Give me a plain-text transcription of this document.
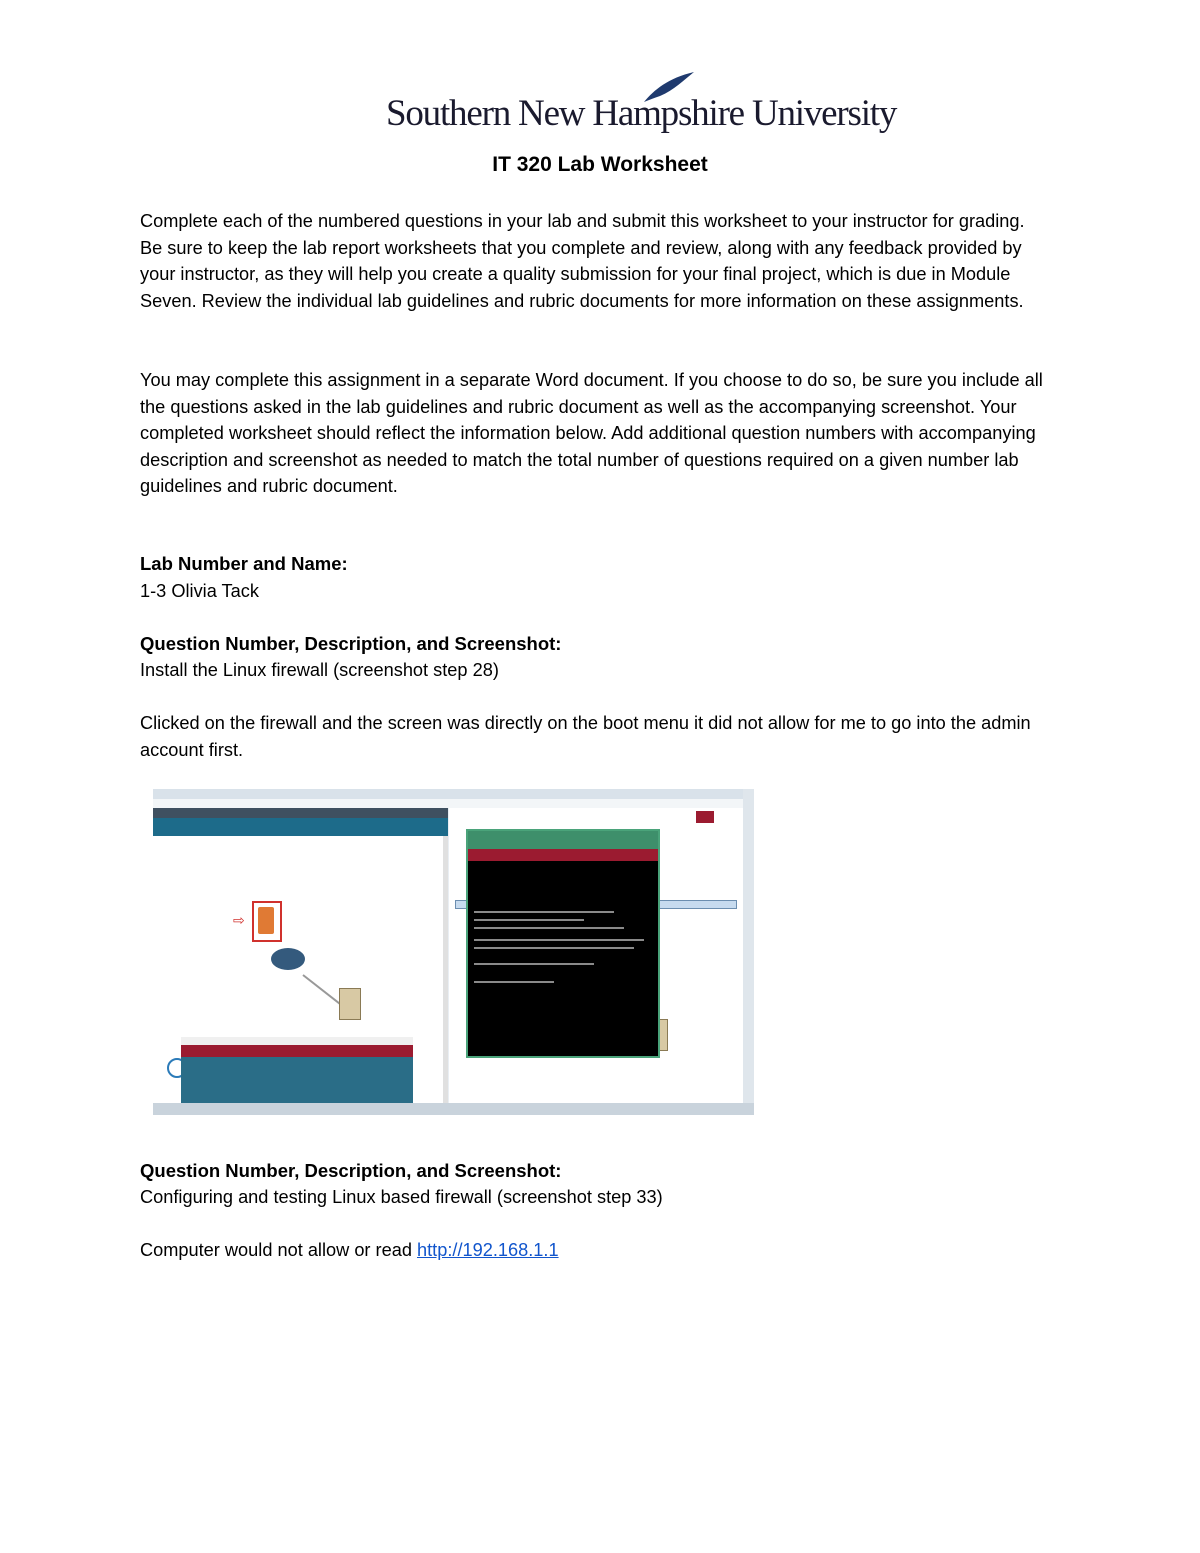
Southern New Hampshire University
IT 320 Lab Worksheet
Complete each of the numbered questions in your lab and submit this worksheet to your instructor for grading. Be sure to keep the lab report worksheets that you complete and review, along with any feedback provided by your instructor, as they will help you create a quality submission for your final project, which is due in Module Seven. Review the individual lab guidelines and rubric documents for more information on these assignments.
You may complete this assignment in a separate Word document. If you choose to do so, be sure you include all the questions asked in the lab guidelines and rubric document as well as the accompanying screenshot. Your completed worksheet should reflect the information below. Add additional question numbers with accompanying description and screenshot as needed to match the total number of questions required on a given number lab guidelines and rubric document.
Lab Number and Name:
1-3 Olivia Tack
Question Number, Description, and Screenshot:
Install the Linux firewall (screenshot step 28)
Clicked on the firewall and the screen was directly on the boot menu it did not allow for me to go into the admin account first.
⇨
Question Number, Description, and Screenshot:
Configuring and testing Linux based firewall (screenshot step 33)
Computer would not allow or read http://192.168.1.1
